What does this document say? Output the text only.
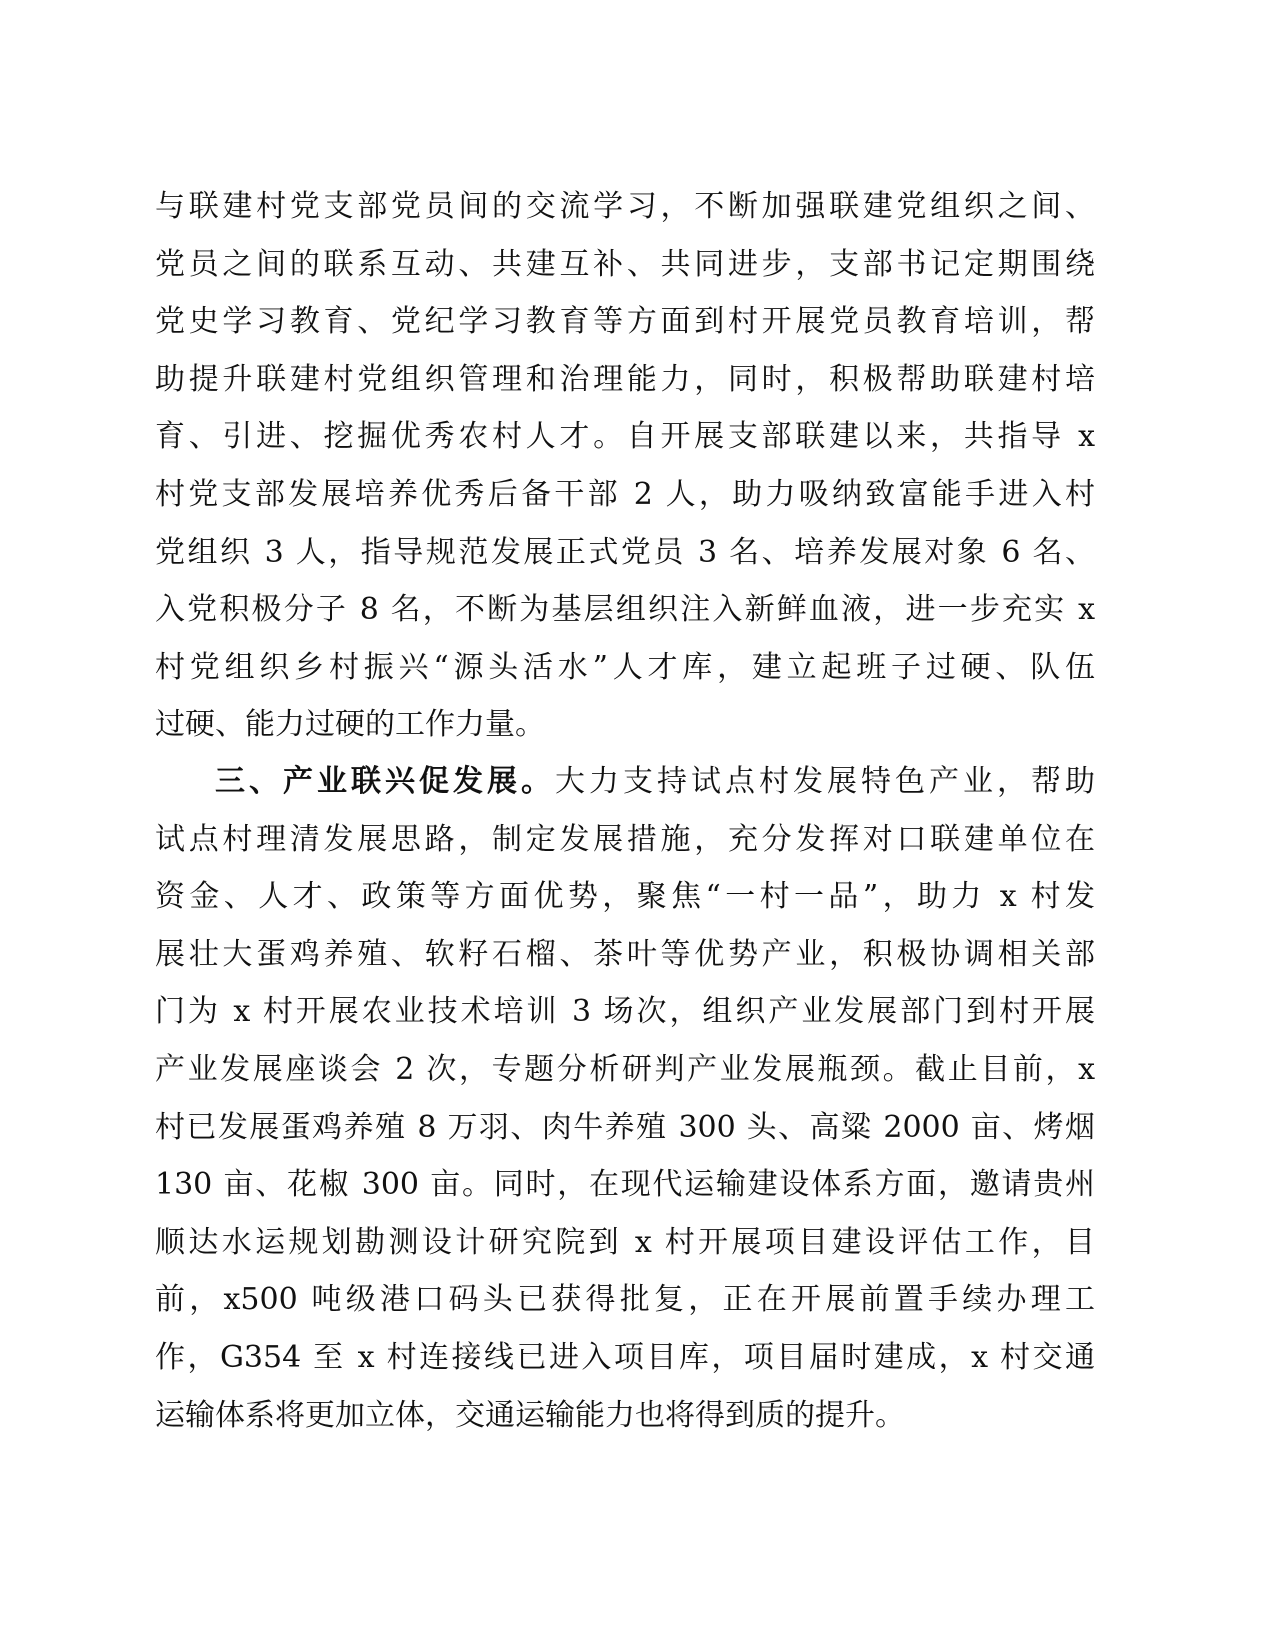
与联建村党支部党员间的交流学习，不断加强联建党组织之间、
党员之间的联系互动、共建互补、共同进步，支部书记定期围绕
党史学习教育、党纪学习教育等方面到村开展党员教育培训，帮
助提升联建村党组织管理和治理能力，同时，积极帮助联建村培
育、引进、挖掘优秀农村人才。自开展支部联建以来，共指导 x
村党支部发展培养优秀后备干部 2 人，助力吸纳致富能手进入村
党组织 3 人，指导规范发展正式党员 3 名、培养发展对象 6 名、
入党积极分子 8 名，不断为基层组织注入新鲜血液，进一步充实 x
村党组织乡村振兴“源头活水”人才库，建立起班子过硬、队伍
过硬、能力过硬的工作力量。
三、产业联兴促发展。大力支持试点村发展特色产业，帮助
试点村理清发展思路，制定发展措施，充分发挥对口联建单位在
资金、人才、政策等方面优势，聚焦“一村一品”，助力 x 村发
展壮大蛋鸡养殖、软籽石榴、茶叶等优势产业，积极协调相关部
门为 x 村开展农业技术培训 3 场次，组织产业发展部门到村开展
产业发展座谈会 2 次，专题分析研判产业发展瓶颈。截止目前，x
村已发展蛋鸡养殖 8 万羽、肉牛养殖 300 头、高粱 2000 亩、烤烟
130 亩、花椒 300 亩。同时，在现代运输建设体系方面，邀请贵州
顺达水运规划勘测设计研究院到 x 村开展项目建设评估工作，目
前，x500 吨级港口码头已获得批复，正在开展前置手续办理工
作，G354 至 x 村连接线已进入项目库，项目届时建成，x 村交通
运输体系将更加立体，交通运输能力也将得到质的提升。
